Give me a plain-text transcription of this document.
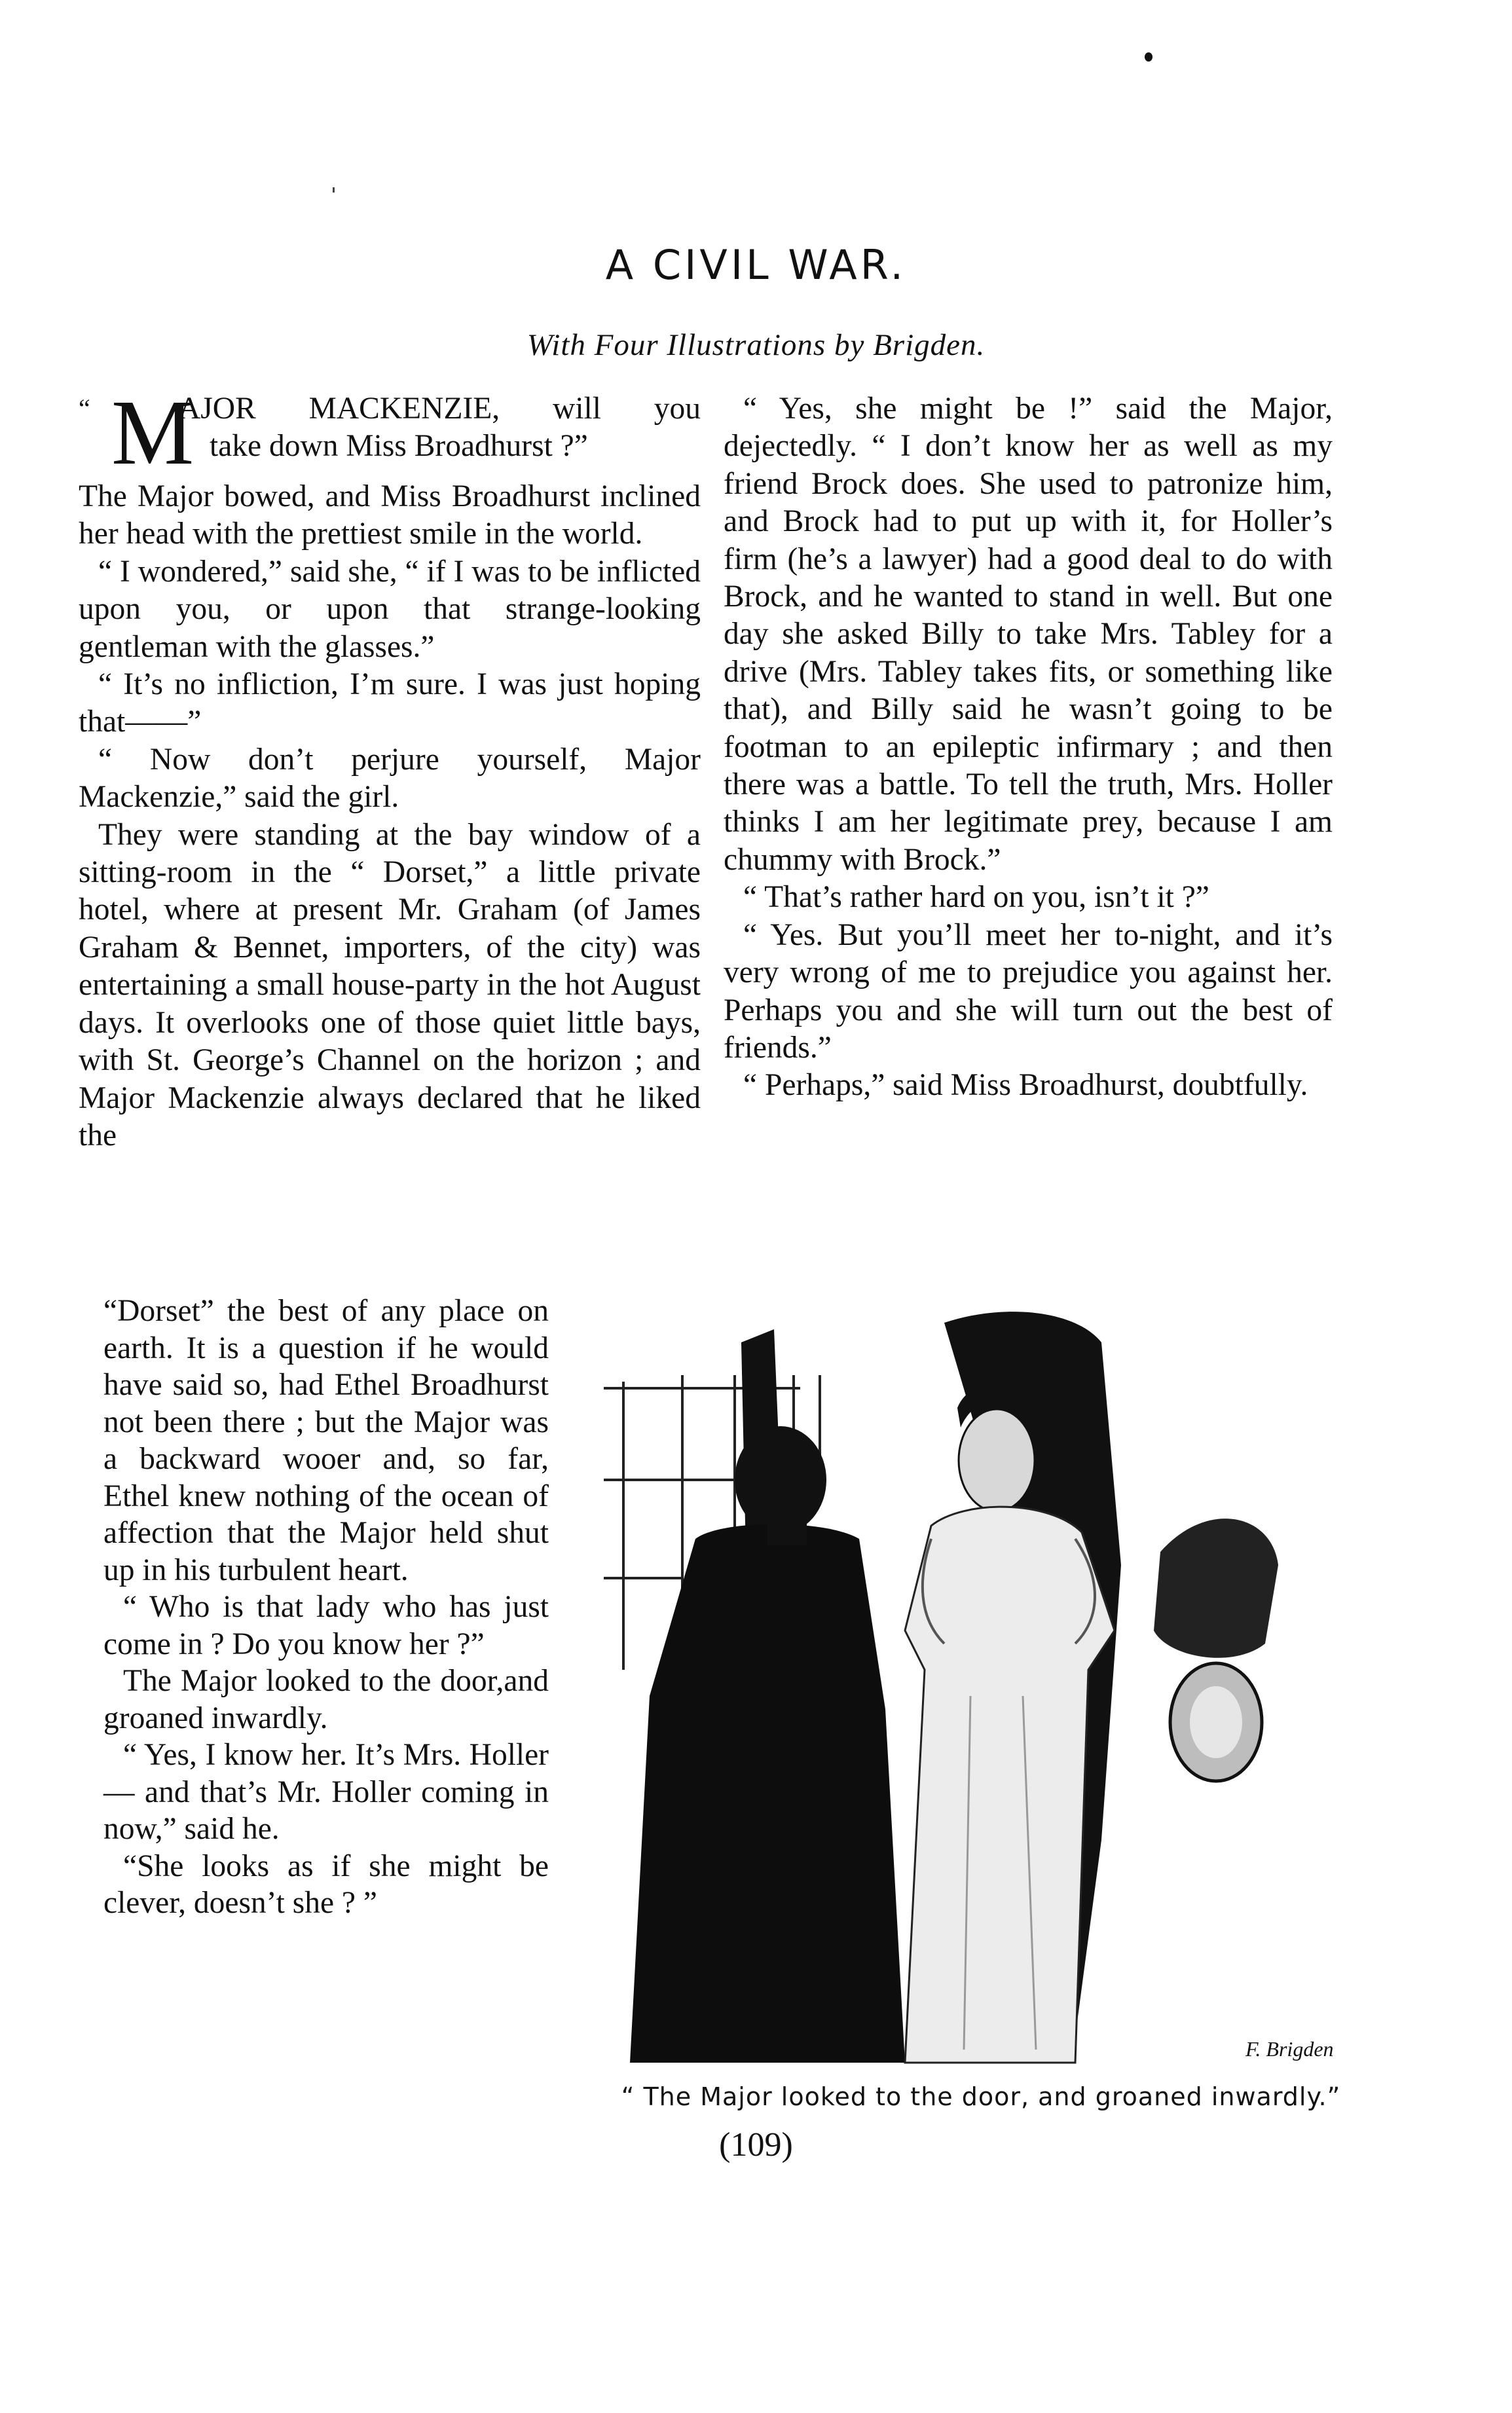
A CIVIL WAR.
With Four Illustrations by Brigden.
“ M
AJOR MACKENZIE, will you
take down Miss Broadhurst ?”

The Major bowed, and Miss Broadhurst inclined her head with the prettiest smile in the world.

“ I wondered,” said she, “ if I was to be inflicted upon you, or upon that strange-looking gentleman with the glasses.”

“ It’s no infliction, I’m sure. I was just hoping that——”

“ Now don’t perjure yourself, Major Mackenzie,” said the girl.

They were standing at the bay window of a sitting-room in the “ Dorset,” a little private hotel, where at present Mr. Graham (of James Graham & Bennet, importers, of the city) was entertaining a small house-party in the hot August days. It overlooks one of those quiet little bays, with St. George’s Channel on the horizon ; and Major Mackenzie always declared that he liked the

“Dorset” the best of any place on earth. It is a question if he would have said so, had Ethel Broadhurst not been there ; but the Major was a backward wooer and, so far, Ethel knew nothing of the ocean of affection that the Major held shut up in his turbulent heart.

“ Who is that lady who has just come in ? Do you know her ?”

The Major looked to the door,and groaned inwardly.

“ Yes, I know her. It’s Mrs. Holler — and that’s Mr. Holler coming in now,” said he.

“She looks as if she might be clever, doesn’t she ? ”

“ Yes, she might be !” said the Major, dejectedly. “ I don’t know her as well as my friend Brock does. She used to patronize him, and Brock had to put up with it, for Holler’s firm (he’s a lawyer) had a good deal to do with Brock, and he wanted to stand in well. But one day she asked Billy to take Mrs. Tabley for a drive (Mrs. Tabley takes fits, or something like that), and Billy said he wasn’t going to be footman to an epileptic infirmary ; and then there was a battle. To tell the truth, Mrs. Holler thinks I am her legitimate prey, because I am chummy with Brock.”

“ That’s rather hard on you, isn’t it ?”

“ Yes. But you’ll meet her to-night, and it’s very wrong of me to prejudice you against her. Perhaps you and she will turn out the best of friends.”

“ Perhaps,” said Miss Broadhurst, doubtfully.

F. Brigden
“ The Major looked to the door, and groaned inwardly.”
(109)
